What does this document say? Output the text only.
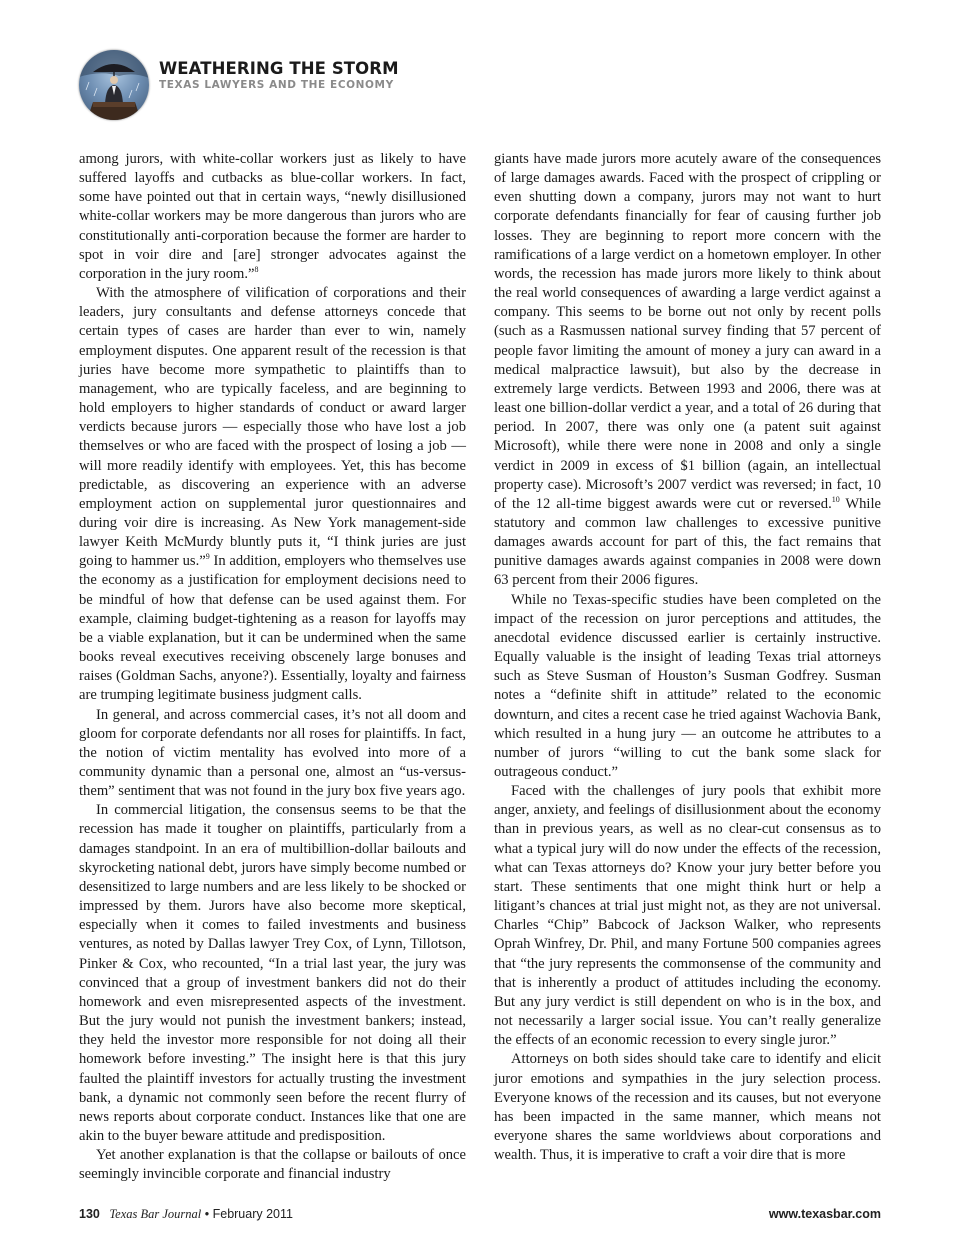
WEATHERING THE STORM
TEXAS LAWYERS AND THE ECONOMY

among jurors, with white-collar workers just as likely to have suffered layoffs and cutbacks as blue-collar workers. In fact, some have pointed out that in certain ways, “newly disillusioned white-collar workers may be more dangerous than jurors who are constitutionally anti-corporation because the former are harder to spot in voir dire and [are] stronger advocates against the corporation in the jury room.”$^8$

With the atmosphere of vilification of corporations and their leaders, jury consultants and defense attorneys concede that certain types of cases are harder than ever to win, namely employment disputes. One apparent result of the recession is that juries have become more sympathetic to plaintiffs than to management, who are typically faceless, and are beginning to hold employers to higher standards of conduct or award larger verdicts because jurors — especially those who have lost a job themselves or who are faced with the prospect of losing a job — will more readily identify with employees. Yet, this has become predictable, as discovering an experience with an adverse employment action on supplemental juror questionnaires and during voir dire is increasing. As New York management-side lawyer Keith McMurdy bluntly puts it, “I think juries are just going to hammer us.”$^9$ In addition, employers who themselves use the economy as a justification for employment decisions need to be mindful of how that defense can be used against them. For example, claiming budget-tightening as a reason for layoffs may be a viable explanation, but it can be undermined when the same books reveal executives receiving obscenely large bonuses and raises (Goldman Sachs, anyone?). Essentially, loyalty and fairness are trumping legitimate business judgment calls.

In general, and across commercial cases, it’s not all doom and gloom for corporate defendants nor all roses for plaintiffs. In fact, the notion of victim mentality has evolved into more of a community dynamic than a personal one, almost an “us-versus-them” sentiment that was not found in the jury box five years ago.

In commercial litigation, the consensus seems to be that the recession has made it tougher on plaintiffs, particularly from a damages standpoint. In an era of multibillion-dollar bailouts and skyrocketing national debt, jurors have simply become numbed or desensitized to large numbers and are less likely to be shocked or impressed by them. Jurors have also become more skeptical, especially when it comes to failed investments and business ventures, as noted by Dallas lawyer Trey Cox, of Lynn, Tillotson, Pinker & Cox, who recounted, “In a trial last year, the jury was convinced that a group of investment bankers did not do their homework and even misrepresented aspects of the investment. But the jury would not punish the investment bankers; instead, they held the investor more responsible for not doing all their homework before investing.” The insight here is that this jury faulted the plaintiff investors for actually trusting the investment bank, a dynamic not commonly seen before the recent flurry of news reports about corporate conduct. Instances like that one are akin to the buyer beware attitude and predisposition.

Yet another explanation is that the collapse or bailouts of once seemingly invincible corporate and financial industry

giants have made jurors more acutely aware of the consequences of large damages awards. Faced with the prospect of crippling or even shutting down a company, jurors may not want to hurt corporate defendants financially for fear of causing further job losses. They are beginning to report more concern with the ramifications of a large verdict on a hometown employer. In other words, the recession has made jurors more likely to think about the real world consequences of awarding a large verdict against a company. This seems to be borne out not only by recent polls (such as a Rasmussen national survey finding that 57 percent of people favor limiting the amount of money a jury can award in a medical malpractice lawsuit), but also by the decrease in extremely large verdicts. Between 1993 and 2006, there was at least one billion-dollar verdict a year, and a total of 26 during that period. In 2007, there was only one (a patent suit against Microsoft), while there were none in 2008 and only a single verdict in 2009 in excess of $1 billion (again, an intellectual property case). Microsoft’s 2007 verdict was reversed; in fact, 10 of the 12 all-time biggest awards were cut or reversed.$^{10}$ While statutory and common law challenges to excessive punitive damages awards account for part of this, the fact remains that punitive damages awards against companies in 2008 were down 63 percent from their 2006 figures.

While no Texas-specific studies have been completed on the impact of the recession on juror perceptions and attitudes, the anecdotal evidence discussed earlier is certainly instructive. Equally valuable is the insight of leading Texas trial attorneys such as Steve Susman of Houston’s Susman Godfrey. Susman notes a “definite shift in attitude” related to the economic downturn, and cites a recent case he tried against Wachovia Bank, which resulted in a hung jury — an outcome he attributes to a number of jurors “willing to cut the bank some slack for outrageous conduct.”

Faced with the challenges of jury pools that exhibit more anger, anxiety, and feelings of disillusionment about the economy than in previous years, as well as no clear-cut consensus as to what a typical jury will do now under the effects of the recession, what can Texas attorneys do? Know your jury better before you start. These sentiments that one might think hurt or help a litigant’s chances at trial just might not, as they are not universal. Charles “Chip” Babcock of Jackson Walker, who represents Oprah Winfrey, Dr. Phil, and many Fortune 500 companies agrees that “the jury represents the commonsense of the community and that is inherently a product of attitudes including the economy. But any jury verdict is still dependent on who is in the box, and not necessarily a larger social issue. You can’t really generalize the effects of an economic recession to every single juror.”

Attorneys on both sides should take care to identify and elicit juror emotions and sympathies in the jury selection process. Everyone knows of the recession and its causes, but not everyone has been impacted in the same manner, which means not everyone shares the same worldviews about corporations and wealth. Thus, it is imperative to craft a voir dire that is more

130 Texas Bar Journal • February 2011	www.texasbar.com
